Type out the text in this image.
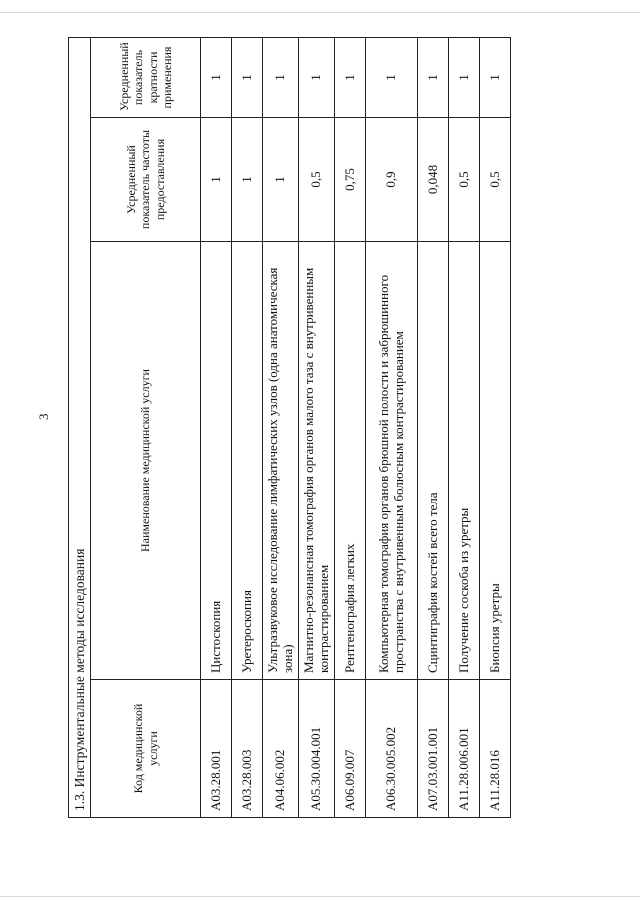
3
1.3. Инструментальные методы исследования			
Код медицинской услуги	Наименование медицинской услуги	Усредненный показатель частоты предоставления	Усредненный показатель кратности применения
A03.28.001	Цистоскопия	1	1
A03.28.003	Уретероскопия	1	1
A04.06.002	Ультразвуковое исследование лимфатических узлов (одна анатомическая зона)	1	1
A05.30.004.001	Магнитно-резонансная томография органов малого таза с внутривенным контрастированием	0,5	1
A06.09.007	Рентгенография легких	0,75	1
A06.30.005.002	Компьютерная томография органов брюшной полости и забрюшинного пространства с внутривенным болюсным контрастированием	0,9	1
A07.03.001.001	Сцинтиграфия костей всего тела	0,048	1
A11.28.006.001	Получение соскоба из уретры	0,5	1
A11.28.016	Биопсия уретры	0,5	1
